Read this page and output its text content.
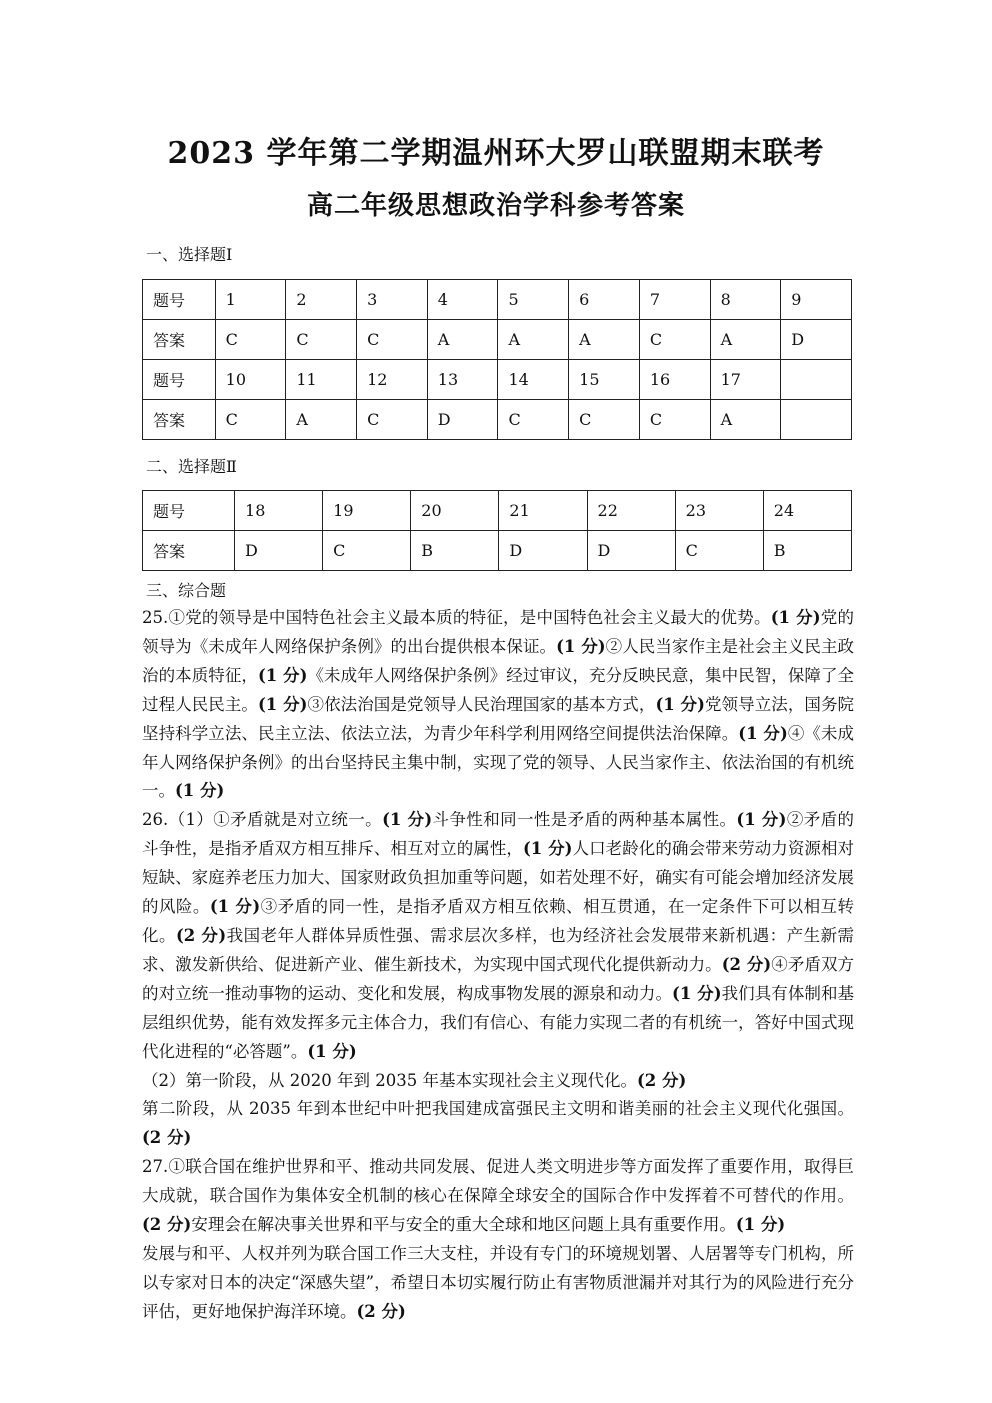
2023 学年第二学期温州环大罗山联盟期末联考
高二年级思想政治学科参考答案
一、选择题Ⅰ
题号	1	2	3	4	5	6	7	8	9
答案	C	C	C	A	A	A	C	A	D
题号	10	11	12	13	14	15	16	17	
答案	C	A	C	D	C	C	C	A	
二、选择题Ⅱ
题号	18	19	20	21	22	23	24
答案	D	C	B	D	D	C	B
三、综合题

25.①党的领导是中国特色社会主义最本质的特征，是中国特色社会主义最大的优势。(1 分)党的领导为《未成年人网络保护条例》的出台提供根本保证。(1 分)②人民当家作主是社会主义民主政治的本质特征，(1 分)《未成年人网络保护条例》经过审议，充分反映民意，集中民智，保障了全过程人民民主。(1 分)③依法治国是党领导人民治理国家的基本方式，(1 分)党领导立法，国务院坚持科学立法、民主立法、依法立法，为青少年科学利用网络空间提供法治保障。(1 分)④《未成年人网络保护条例》的出台坚持民主集中制，实现了党的领导、人民当家作主、依法治国的有机统一。(1 分)

26.（1）①矛盾就是对立统一。(1 分)斗争性和同一性是矛盾的两种基本属性。(1 分)②矛盾的斗争性，是指矛盾双方相互排斥、相互对立的属性，(1 分)人口老龄化的确会带来劳动力资源相对短缺、家庭养老压力加大、国家财政负担加重等问题，如若处理不好，确实有可能会增加经济发展的风险。(1 分)③矛盾的同一性，是指矛盾双方相互依赖、相互贯通，在一定条件下可以相互转化。(2 分)我国老年人群体异质性强、需求层次多样，也为经济社会发展带来新机遇：产生新需求、激发新供给、促进新产业、催生新技术，为实现中国式现代化提供新动力。(2 分)④矛盾双方的对立统一推动事物的运动、变化和发展，构成事物发展的源泉和动力。(1 分)我们具有体制和基层组织优势，能有效发挥多元主体合力，我们有信心、有能力实现二者的有机统一，答好中国式现代化进程的“必答题”。(1 分)

（2）第一阶段，从 2020 年到 2035 年基本实现社会主义现代化。(2 分)

第二阶段，从 2035 年到本世纪中叶把我国建成富强民主文明和谐美丽的社会主义现代化强国。(2 分)

27.①联合国在维护世界和平、推动共同发展、促进人类文明进步等方面发挥了重要作用，取得巨大成就，联合国作为集体安全机制的核心在保障全球安全的国际合作中发挥着不可替代的作用。(2 分)安理会在解决事关世界和平与安全的重大全球和地区问题上具有重要作用。(1 分)

发展与和平、人权并列为联合国工作三大支柱，并设有专门的环境规划署、人居署等专门机构，所以专家对日本的决定“深感失望”，希望日本切实履行防止有害物质泄漏并对其行为的风险进行充分评估，更好地保护海洋环境。(2 分)
